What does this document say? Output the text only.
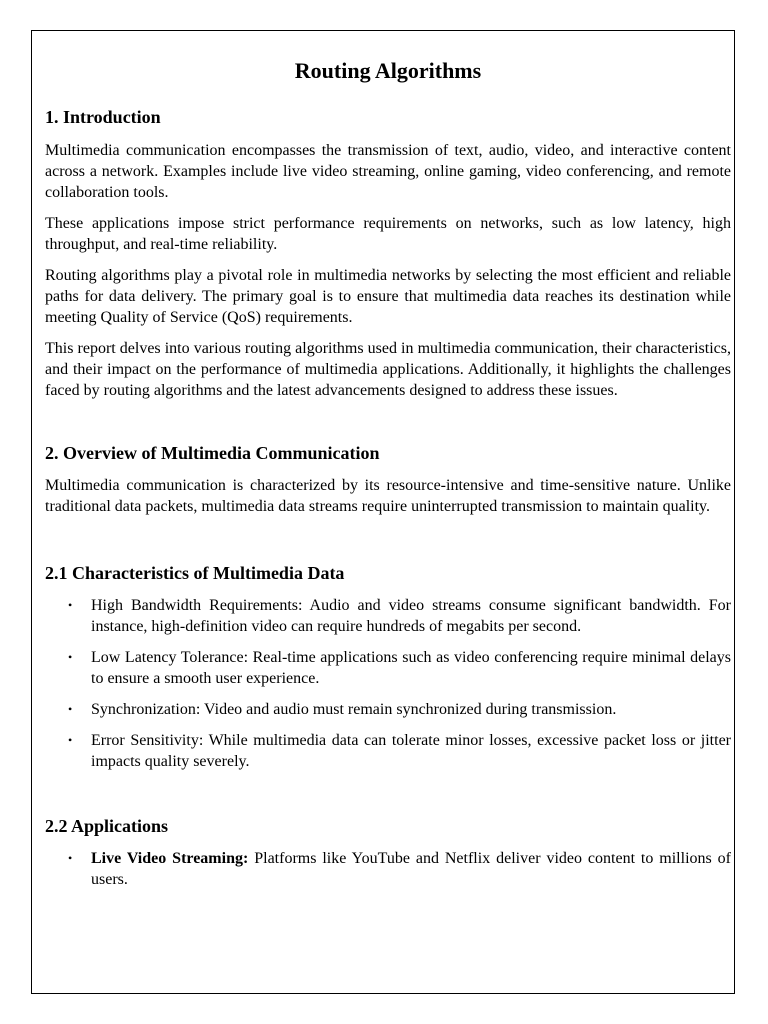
Routing Algorithms
1. Introduction

Multimedia communication encompasses the transmission of text, audio, video, and interactive content across a network. Examples include live video streaming, online gaming, video conferencing, and remote collaboration tools.

These applications impose strict performance requirements on networks, such as low latency, high throughput, and real-time reliability.

Routing algorithms play a pivotal role in multimedia networks by selecting the most efficient and reliable paths for data delivery. The primary goal is to ensure that multimedia data reaches its destination while meeting Quality of Service (QoS) requirements.

This report delves into various routing algorithms used in multimedia communication, their characteristics, and their impact on the performance of multimedia applications. Additionally, it highlights the challenges faced by routing algorithms and the latest advancements designed to address these issues.

2. Overview of Multimedia Communication

Multimedia communication is characterized by its resource-intensive and time-sensitive nature. Unlike traditional data packets, multimedia data streams require uninterrupted transmission to maintain quality.

2.1 Characteristics of Multimedia Data
• High Bandwidth Requirements: Audio and video streams consume significant bandwidth. For instance, high-definition video can require hundreds of megabits per second.
• Low Latency Tolerance: Real-time applications such as video conferencing require minimal delays to ensure a smooth user experience.
• Synchronization: Video and audio must remain synchronized during transmission.
• Error Sensitivity: While multimedia data can tolerate minor losses, excessive packet loss or jitter impacts quality severely.
2.2 Applications
• Live Video Streaming: Platforms like YouTube and Netflix deliver video content to millions of users.
